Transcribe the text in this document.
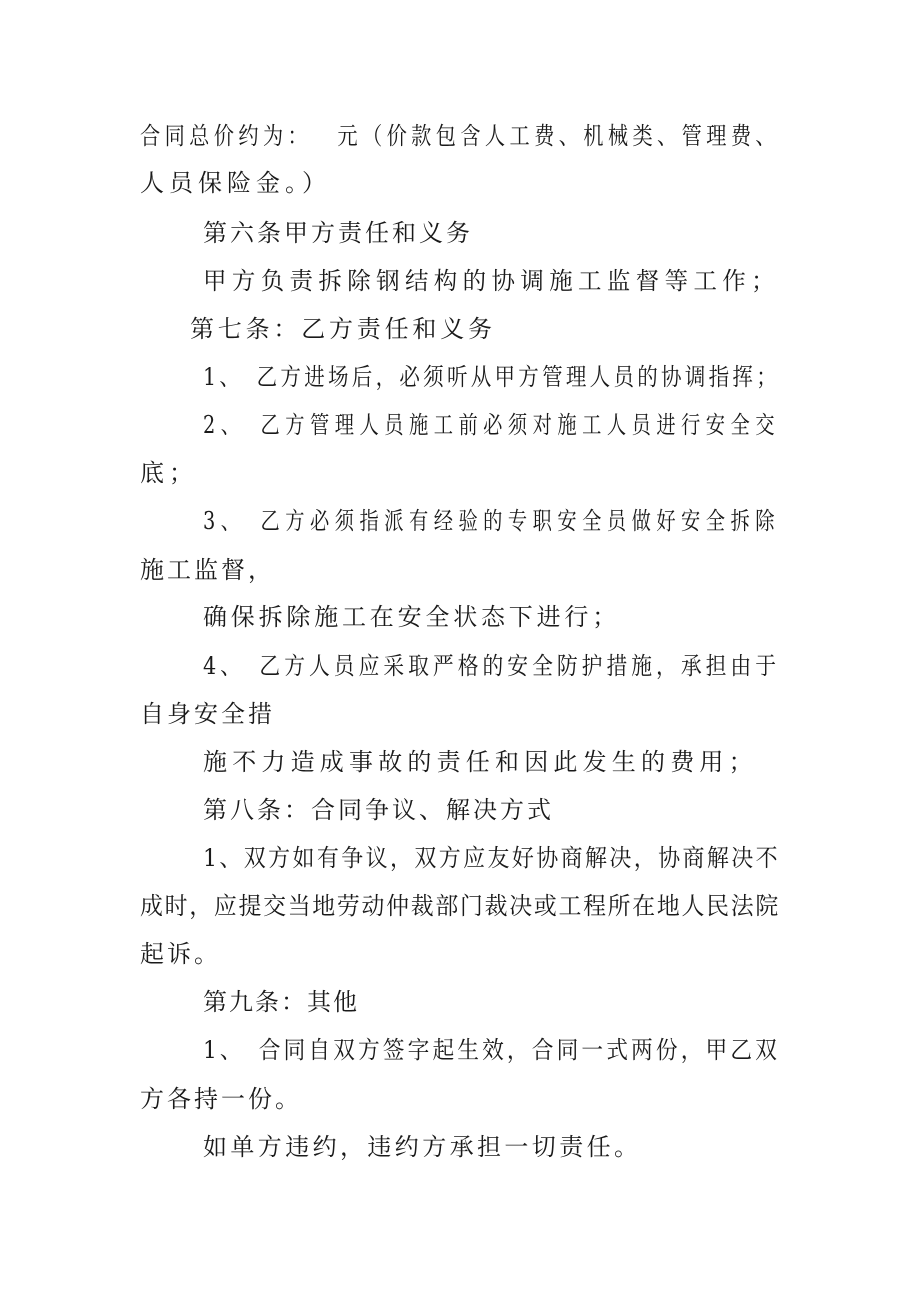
合同总价约为：　 元（价款包含人工费、机械类、管理费、
人员保险金。）
第六条甲方责任和义务
甲方负责拆除钢结构的协调施工监督等工作；
第七条：乙方责任和义务
1、　乙方进场后，必须听从甲方管理人员的协调指挥；
2、　乙方管理人员施工前必须对施工人员进行安全交
底；
3、　乙方必须指派有经验的专职安全员做好安全拆除
施工监督，
确保拆除施工在安全状态下进行；
4、　乙方人员应采取严格的安全防护措施，承担由于
自身安全措
施不力造成事故的责任和因此发生的费用；
第八条：合同争议、解决方式
1、双方如有争议，双方应友好协商解决，协商解决不
成时，应提交当地劳动仲裁部门裁决或工程所在地人民法院
起诉。
第九条：其他
1、　合同自双方签字起生效，合同一式两份，甲乙双
方各持一份。
如单方违约，违约方承担一切责任。
